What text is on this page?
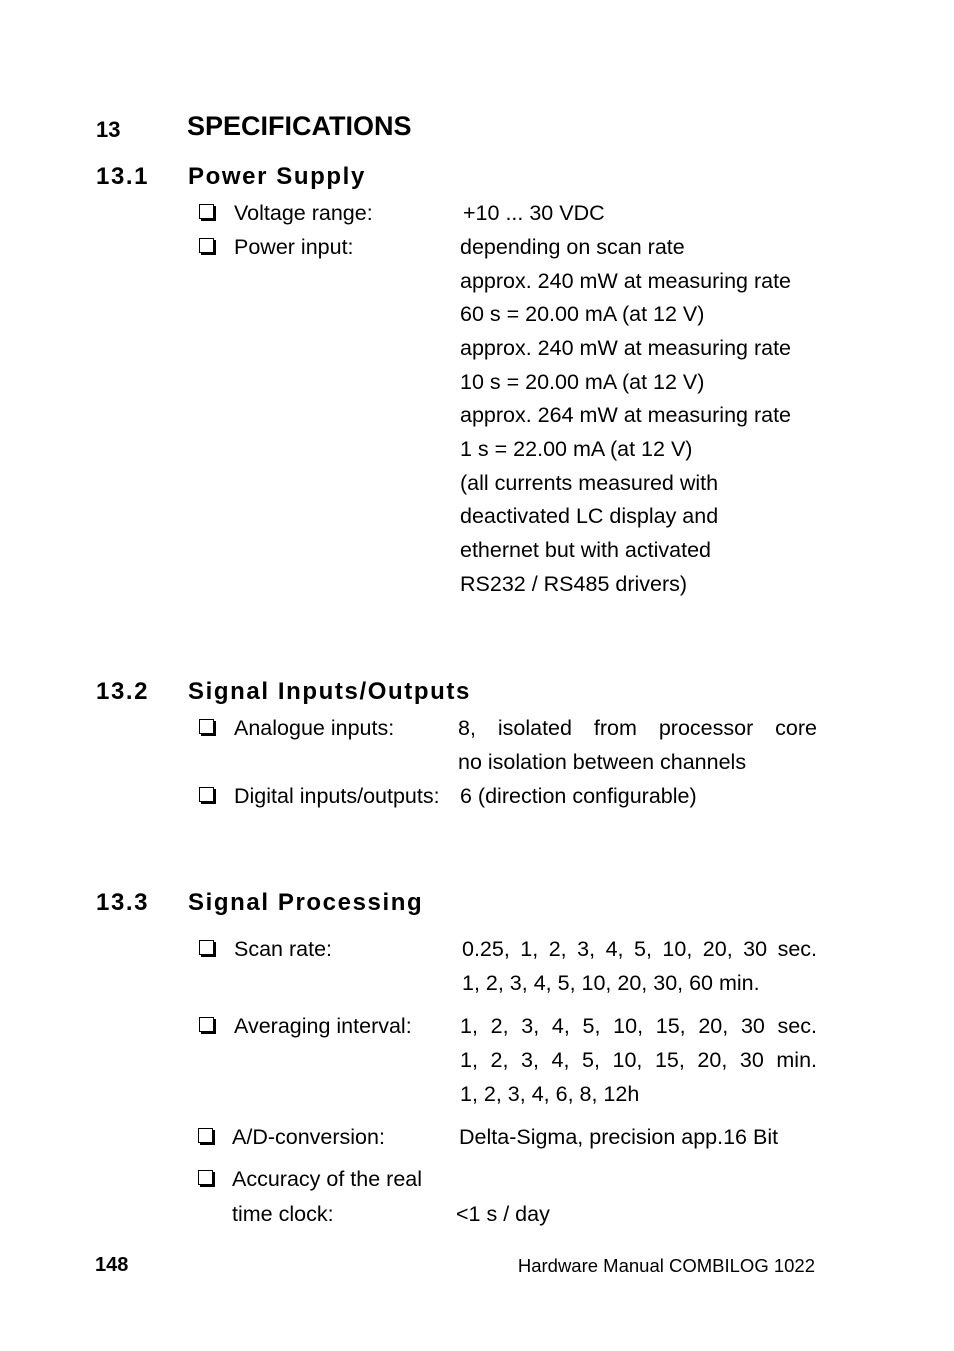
13 SPECIFICATIONS
13.1 Power Supply
Voltage range:	+10 ... 30 VDC
Power input:	depending on scan rate
approx. 240 mW at measuring rate
60 s = 20.00 mA (at 12 V)
approx. 240 mW at measuring rate
10 s = 20.00 mA (at 12 V)
approx. 264 mW at measuring rate
1 s = 22.00 mA (at 12 V)
(all currents measured with
deactivated LC display and
ethernet but with activated
RS232 / RS485 drivers)
13.2 Signal Inputs/Outputs
Analogue inputs:	8, isolated from processor core
no isolation between channels
Digital inputs/outputs: 6 (direction configurable)
13.3 Signal Processing
Scan rate:	0.25, 1, 2, 3, 4, 5, 10, 20, 30 sec.
1, 2, 3, 4, 5, 10, 20, 30, 60 min.
Averaging interval: 1, 2, 3, 4, 5, 10, 15, 20, 30 sec.
1, 2, 3, 4, 5, 10, 15, 20, 30 min.
1, 2, 3, 4, 6, 8, 12h
A/D-conversion:	Delta-Sigma, precision app.16 Bit
Accuracy of the real
time clock:	<1 s / day
148	Hardware Manual COMBILOG 1022
